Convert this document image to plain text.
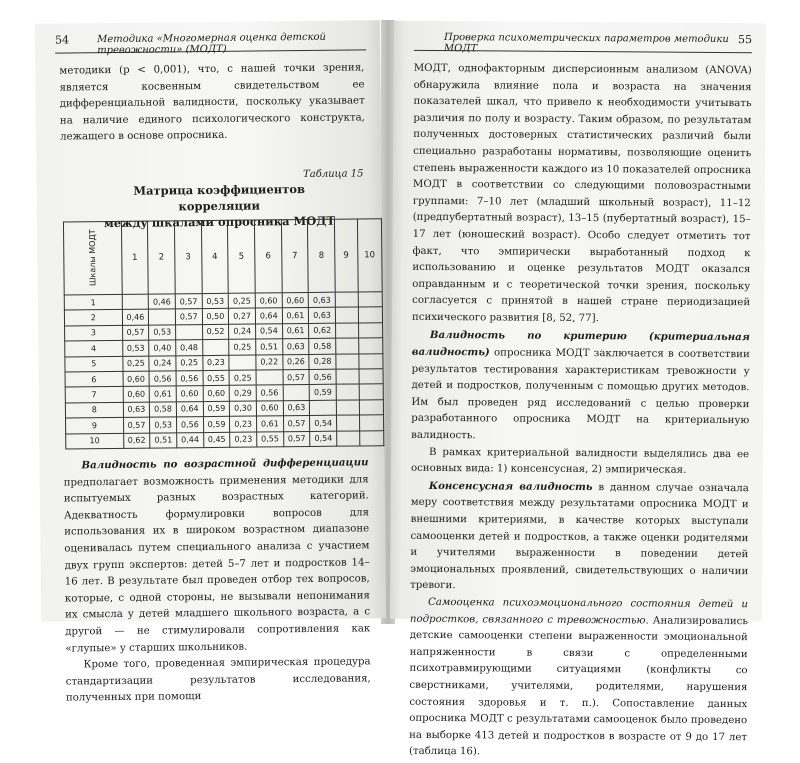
54	Методика «Многомерная оценка детской тревожности» (МОДТ)

методики (р < 0,001), что, с нашей точки зрения, является косвенным свидетельством ее дифференциальной валидности, поскольку указывает на наличие единого психологического конструкта, лежащего в основе опросника.

Таблица 15
Матрица коэффициентов корреляции
между шкалами опросника МОДТ
Шкалы МОДТ	1	2	3	4	5	6	7	8	9	10
1		0,46	0,57	0,53	0,25	0,60	0,60	0,63		
2	0,46		0,57	0,50	0,27	0,64	0,61	0,63		
3	0,57	0,53		0,52	0,24	0,54	0,61	0,62		
4	0,53	0,40	0,48		0,25	0,51	0,63	0,58		
5	0,25	0,24	0,25	0,23		0,22	0,26	0,28		
6	0,60	0,56	0,56	0,55	0,25		0,57	0,56		
7	0,60	0,61	0,60	0,60	0,29	0,56		0,59		
8	0,63	0,58	0,64	0,59	0,30	0,60	0,63			
9	0,57	0,53	0,56	0,59	0,23	0,61	0,57	0,54		
10	0,62	0,51	0,44	0,45	0,23	0,55	0,57	0,54		

Валидность по возрастной дифференциации предполагает возможность применения методики для испытуемых разных возрастных категорий. Адекватность формулировки вопросов для использования их в широком возрастном диапазоне оценивалась путем специального анализа с участием двух групп экспертов: детей 5–7 лет и подростков 14–16 лет. В результате был проведен отбор тех вопросов, которые, с одной стороны, не вызывали непонимания их смысла у детей младшего школьного возраста, а с другой — не стимулировали сопротивления как «глупые» у старших школьников.

Кроме того, проведенная эмпирическая процедура стандартизации результатов исследования, полученных при помощи

Проверка психометрических параметров методики МОДТ
55

МОДТ, однофакторным дисперсионным анализом (ANOVA) обнаружила влияние пола и возраста на значения показателей шкал, что привело к необходимости учитывать различия по полу и возрасту. Таким образом, по результатам полученных достоверных статистических различий были специально разработаны нормативы, позволяющие оценить степень выраженности каждого из 10 показателей опросника МОДТ в соответствии со следующими половозрастными группами: 7–10 лет (младший школьный возраст), 11–12 (предпубертатный возраст), 13–15 (пубертатный возраст), 15–17 лет (юношеский возраст). Особо следует отметить тот факт, что эмпирически выработанный подход к использованию и оценке результатов МОДТ оказался оправданным и с теоретической точки зрения, поскольку согласуется с принятой в нашей стране периодизацией психического развития [8, 52, 77].

Валидность по критерию (критериальная валидность) опросника МОДТ заключается в соответствии результатов тестирования характеристикам тревожности у детей и подростков, полученным с помощью других методов. Им был проведен ряд исследований с целью проверки разработанного опросника МОДТ на критериальную валидность.

В рамках критериальной валидности выделялись два ее основных вида: 1) консенсусная, 2) эмпирическая.

Консенсусная валидность в данном случае означала меру соответствия между результатами опросника МОДТ и внешними критериями, в качестве которых выступали самооценки детей и подростков, а также оценки родителями и учителями выраженности в поведении детей эмоциональных проявлений, свидетельствующих о наличии тревоги.

Самооценка психоэмоционального состояния детей и подростков, связанного с тревожностью. Анализировались детские самооценки степени выраженности эмоциональной напряженности в связи с определенными психотравмирующими ситуациями (конфликты со сверстниками, учителями, родителями, нарушения состояния здоровья и т. п.). Сопоставление данных опросника МОДТ с результатами самооценок было проведено на выборке 413 детей и подростков в возрасте от 9 до 17 лет (таблица 16).
